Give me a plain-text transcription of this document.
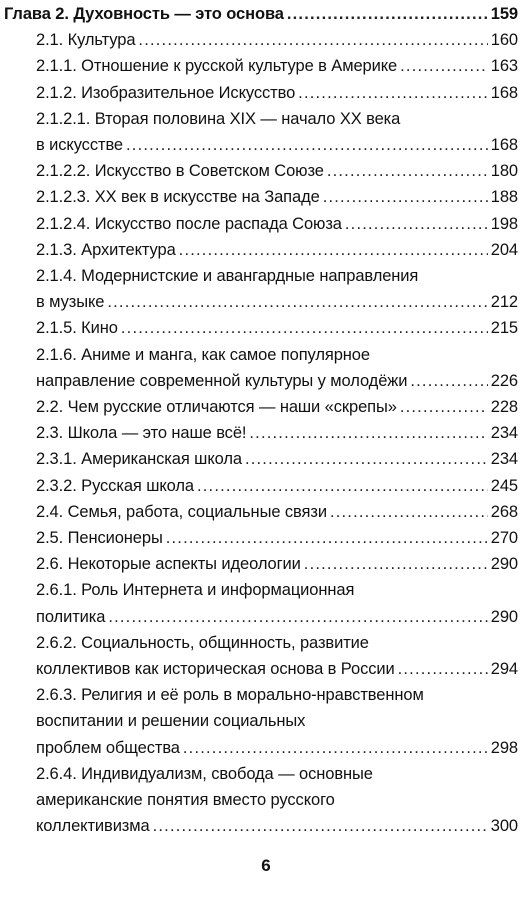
Глава 2. Духовность — это основа .....	159
2.1. Культура .....	160
2.1.1. Отношение к русской культуре в Америке .....	163
2.1.2. Изобразительное Искусство .....	168
2.1.2.1. Вторая половина XIX — начало XX века
в искусстве .....	168
2.1.2.2. Искусство в Советском Союзе .....	180
2.1.2.3. XX век в искусстве на Западе .....	188
2.1.2.4. Искусство после распада Союза .....	198
2.1.3. Архитектура .....	204
2.1.4. Модернистские и авангардные направления
в музыке .....	212
2.1.5. Кино .....	215
2.1.6. Аниме и манга, как самое популярное
направление современной культуры у молодёжи .....	226
2.2. Чем русские отличаются — наши «скрепы» .....	228
2.3. Школа — это наше всё! .....	234
2.3.1. Американская школа .....	234
2.3.2. Русская школа .....	245
2.4. Семья, работа, социальные связи .....	268
2.5. Пенсионеры .....	270
2.6. Некоторые аспекты идеологии .....	290
2.6.1. Роль Интернета и информационная
политика .....	290
2.6.2. Социальность, общинность, развитие
коллективов как историческая основа в России .....	294
2.6.3. Религия и её роль в морально-нравственном
воспитании и решении социальных
проблем общества .....	298
2.6.4. Индивидуализм, свобода — основные
американские понятия вместо русского
коллективизма .....	300
6
